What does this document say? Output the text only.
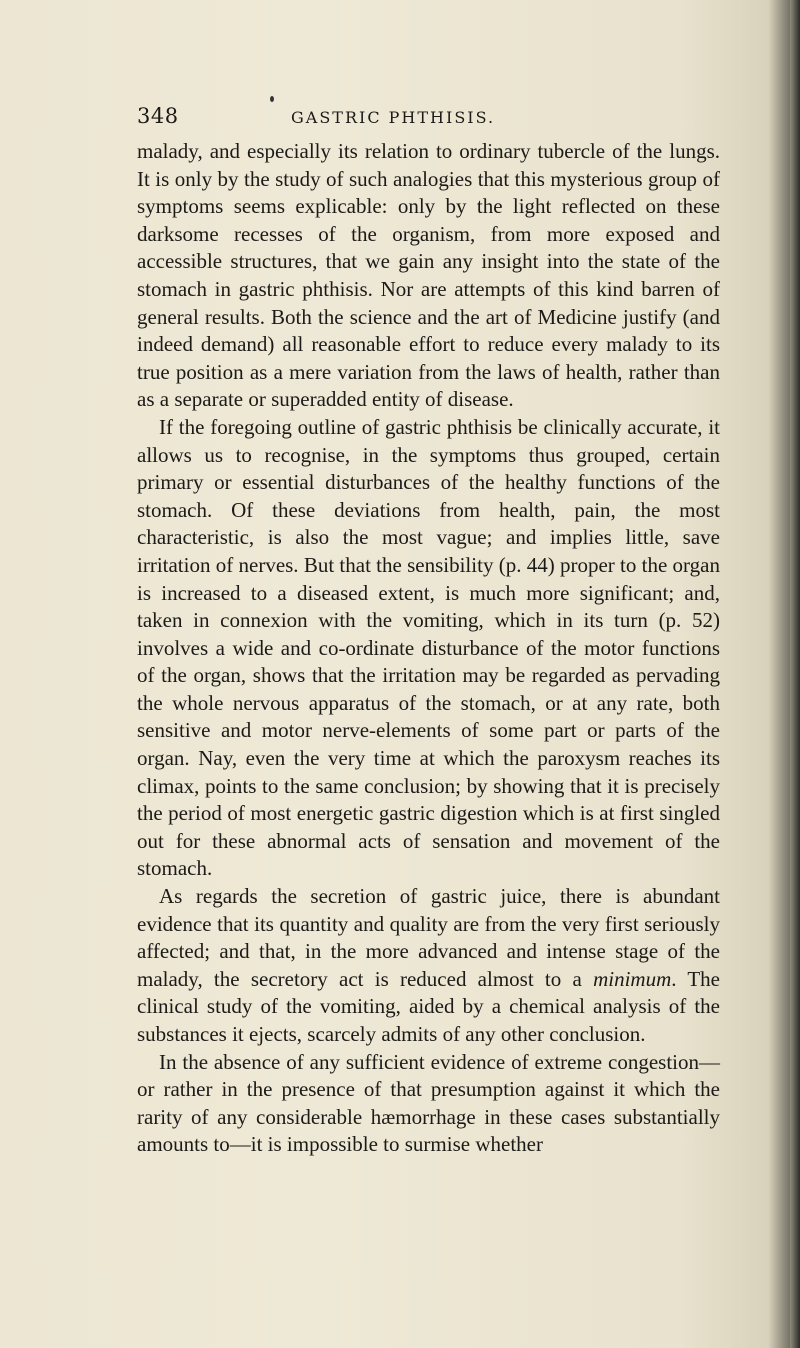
348	GASTRIC PHTHISIS.

malady, and especially its relation to ordinary tubercle of the lungs. It is only by the study of such analogies that this mysterious group of symptoms seems explicable: only by the light reflected on these darksome recesses of the organism, from more exposed and accessible structures, that we gain any insight into the state of the stomach in gastric phthisis. Nor are attempts of this kind barren of general results. Both the science and the art of Medicine justify (and indeed demand) all reasonable effort to reduce every malady to its true position as a mere variation from the laws of health, rather than as a separate or superadded entity of disease.

If the foregoing outline of gastric phthisis be clinically accurate, it allows us to recognise, in the symptoms thus grouped, certain primary or essential disturbances of the healthy functions of the stomach. Of these deviations from health, pain, the most characteristic, is also the most vague; and implies little, save irritation of nerves. But that the sensibility (p. 44) proper to the organ is increased to a diseased extent, is much more significant; and, taken in connexion with the vomiting, which in its turn (p. 52) involves a wide and co-ordinate disturbance of the motor functions of the organ, shows that the irritation may be regarded as pervading the whole nervous apparatus of the stomach, or at any rate, both sensitive and motor nerve-elements of some part or parts of the organ. Nay, even the very time at which the paroxysm reaches its climax, points to the same conclusion; by showing that it is precisely the period of most energetic gastric digestion which is at first singled out for these abnormal acts of sensation and movement of the stomach.

As regards the secretion of gastric juice, there is abundant evidence that its quantity and quality are from the very first seriously affected; and that, in the more advanced and intense stage of the malady, the secretory act is reduced almost to a minimum. The clinical study of the vomiting, aided by a chemical analysis of the substances it ejects, scarcely admits of any other conclusion.

In the absence of any sufficient evidence of extreme congestion—or rather in the presence of that presumption against it which the rarity of any considerable hæmorrhage in these cases substantially amounts to—it is impossible to surmise whether
